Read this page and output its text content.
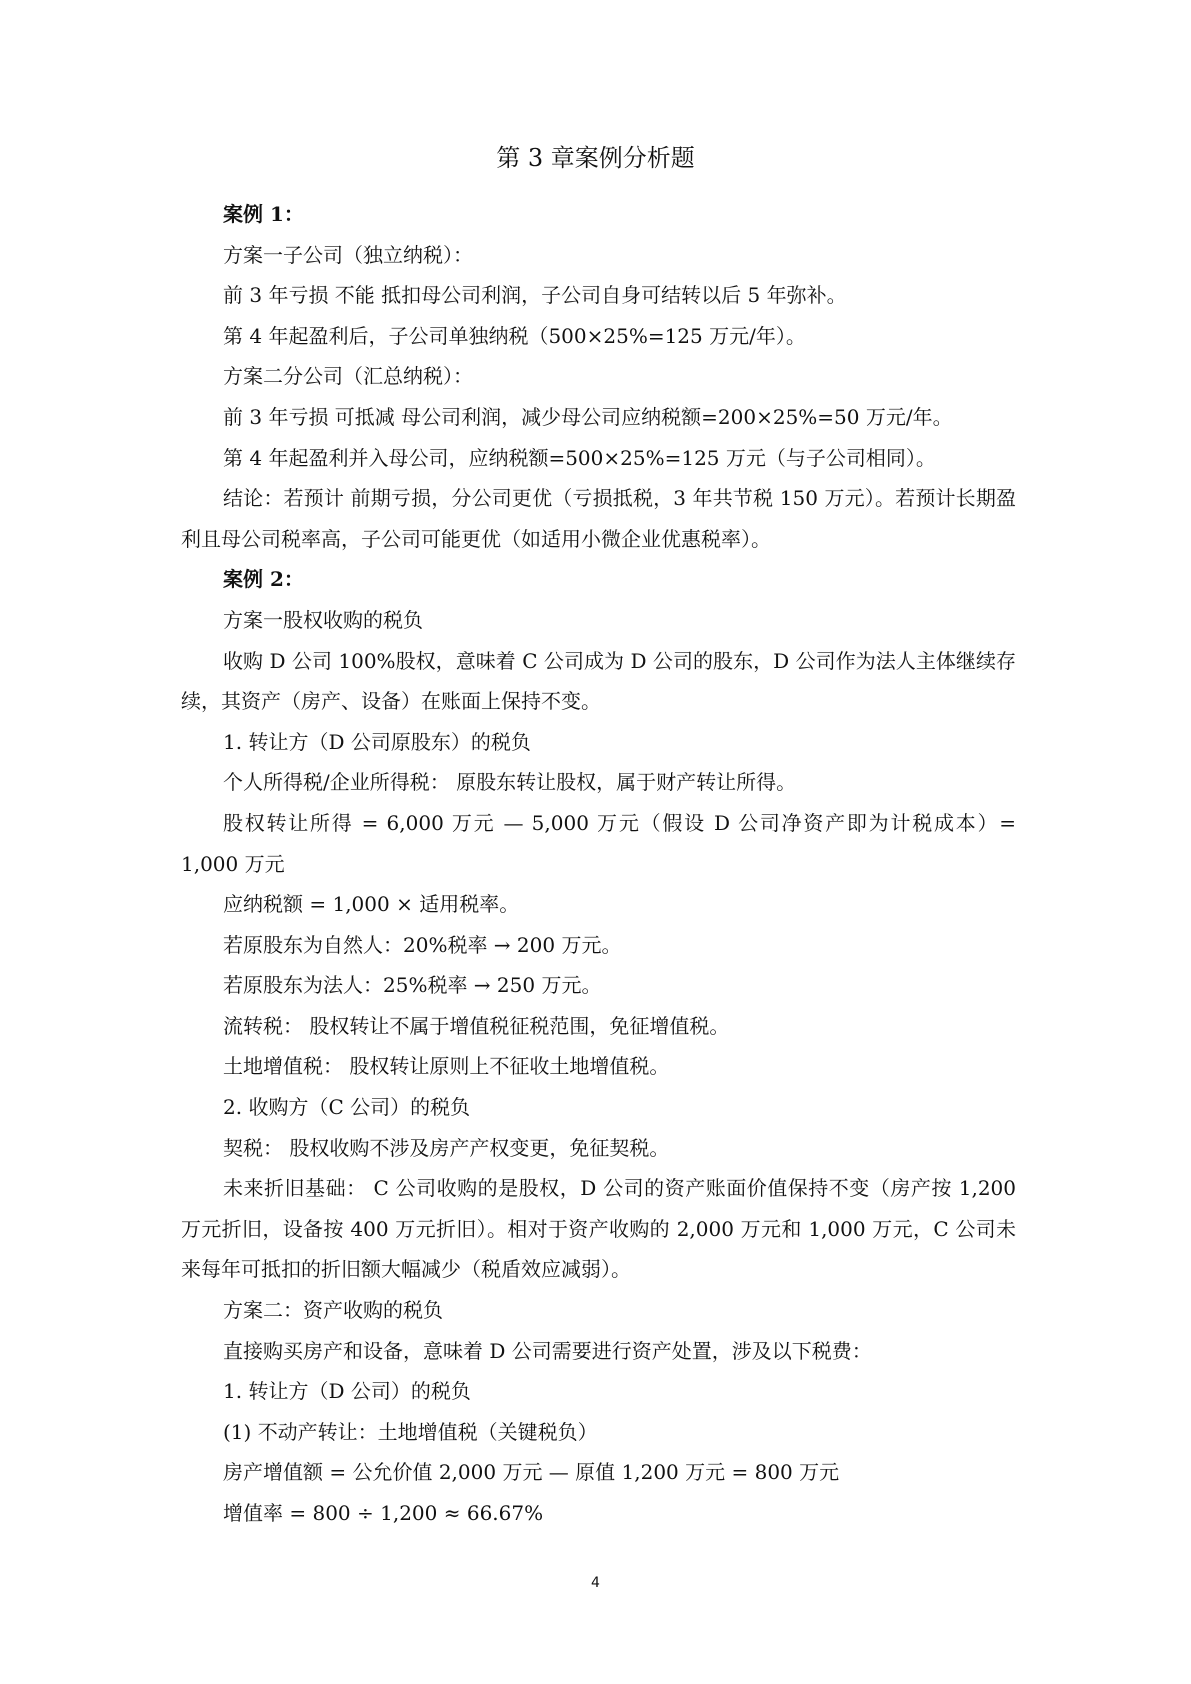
第 3 章案例分析题

案例 1：

方案一子公司（独立纳税）：

前 3 年亏损 不能 抵扣母公司利润，子公司自身可结转以后 5 年弥补。

第 4 年起盈利后，子公司单独纳税（500×25%=125 万元/年）。

方案二分公司（汇总纳税）：

前 3 年亏损 可抵减 母公司利润，减少母公司应纳税额=200×25%=50 万元/年。

第 4 年起盈利并入母公司，应纳税额=500×25%=125 万元（与子公司相同）。

结论：若预计 前期亏损，分公司更优（亏损抵税，3 年共节税 150 万元）。若预计长期盈利且母公司税率高，子公司可能更优（如适用小微企业优惠税率）。

案例 2：

方案一股权收购的税负

收购 D 公司 100%股权，意味着 C 公司成为 D 公司的股东，D 公司作为法人主体继续存续，其资产（房产、设备）在账面上保持不变。

1. 转让方（D 公司原股东）的税负

个人所得税/企业所得税： 原股东转让股权，属于财产转让所得。

股权转让所得 = 6,000 万元 — 5,000 万元（假设 D 公司净资产即为计税成本）= 1,000 万元

应纳税额 = 1,000 × 适用税率。

若原股东为自然人：20%税率 → 200 万元。

若原股东为法人：25%税率 → 250 万元。

流转税： 股权转让不属于增值税征税范围，免征增值税。

土地增值税： 股权转让原则上不征收土地增值税。

2. 收购方（C 公司）的税负

契税： 股权收购不涉及房产产权变更，免征契税。

未来折旧基础： C 公司收购的是股权，D 公司的资产账面价值保持不变（房产按 1,200 万元折旧，设备按 400 万元折旧）。相对于资产收购的 2,000 万元和 1,000 万元，C 公司未来每年可抵扣的折旧额大幅减少（税盾效应减弱）。

方案二：资产收购的税负

直接购买房产和设备，意味着 D 公司需要进行资产处置，涉及以下税费：

1. 转让方（D 公司）的税负

(1) 不动产转让：土地增值税（关键税负）

房产增值额 = 公允价值 2,000 万元 — 原值 1,200 万元 = 800 万元

增值率 = 800 ÷ 1,200 ≈ 66.67%

4
